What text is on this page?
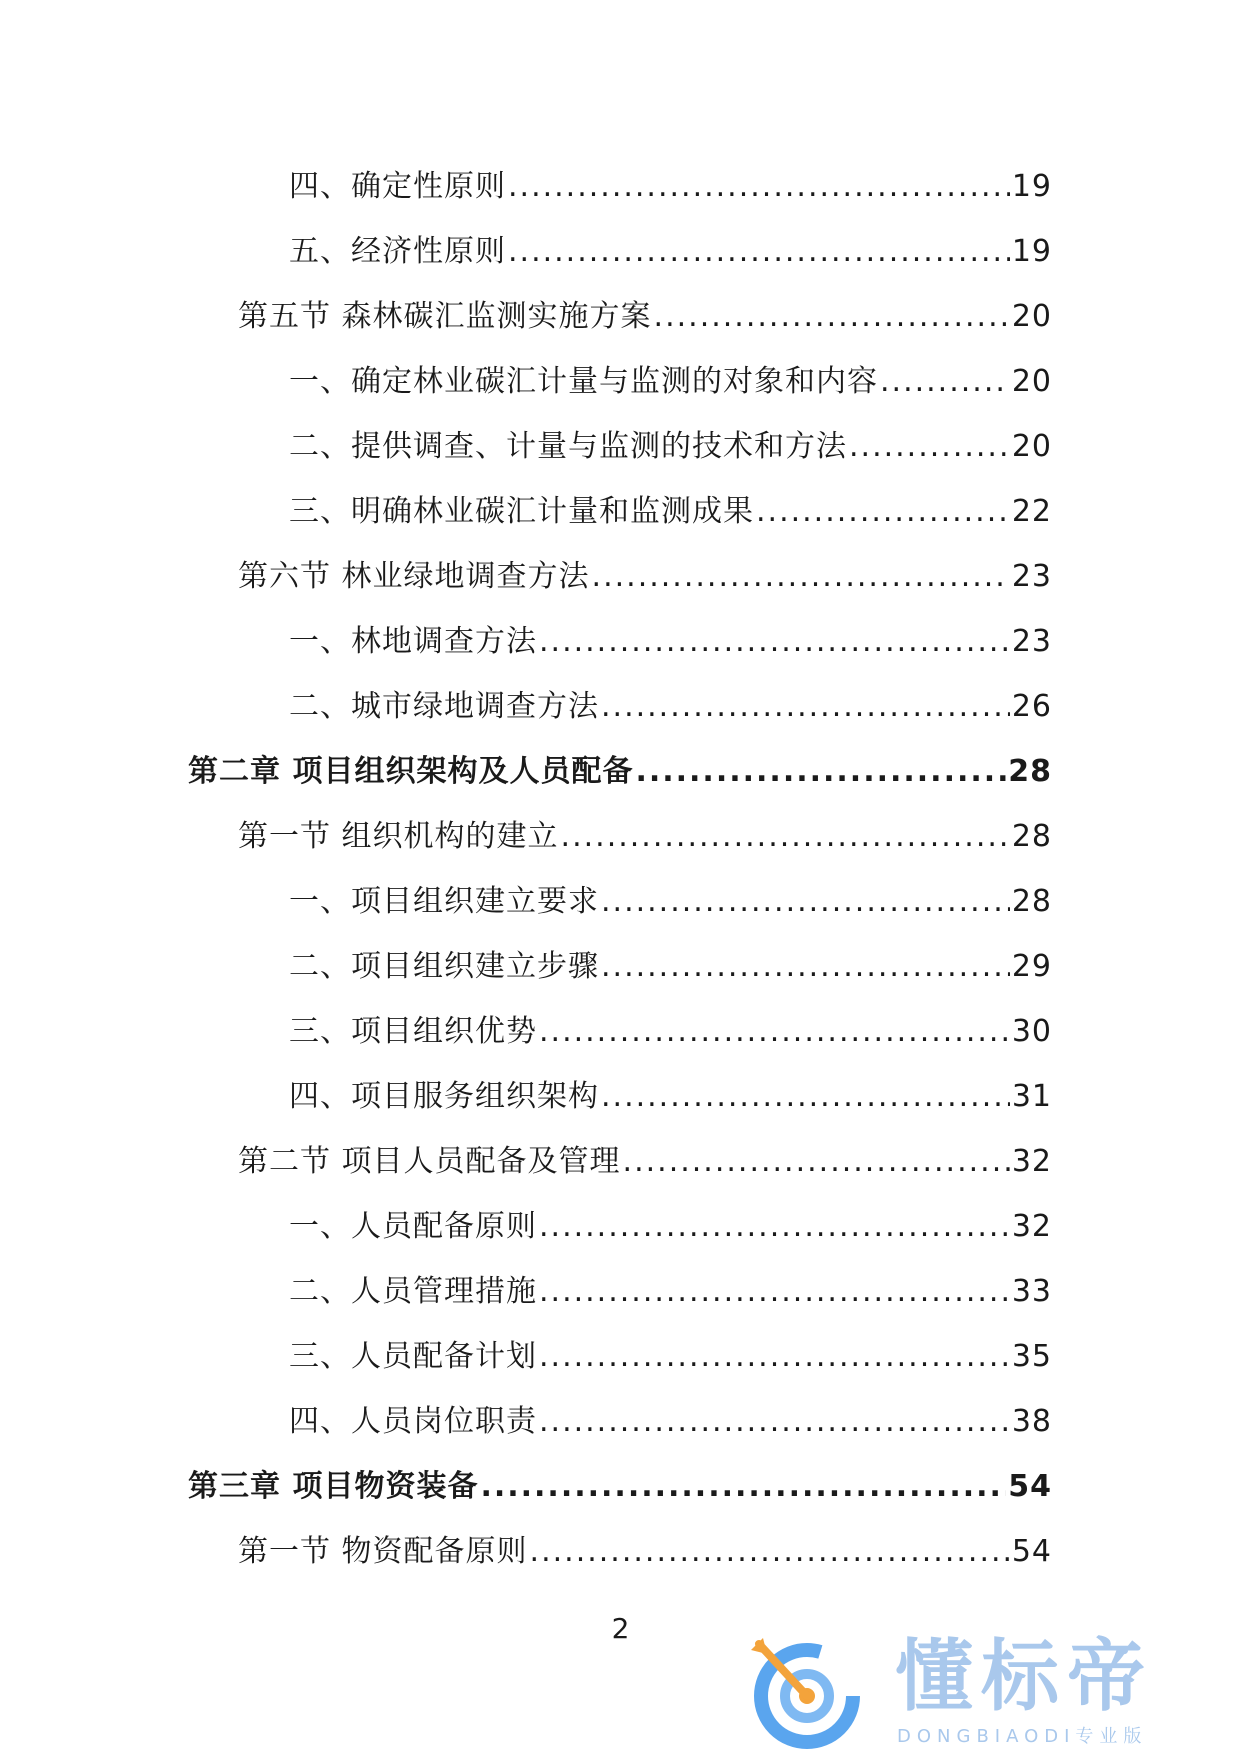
四、确定性原则 .....	19
五、经济性原则 .....	19
第五节 森林碳汇监测实施方案 .....	20
一、确定林业碳汇计量与监测的对象和内容 .....	20
二、提供调查、计量与监测的技术和方法 .....	20
三、明确林业碳汇计量和监测成果 .....	22
第六节 林业绿地调查方法 .....	23
一、林地调查方法 .....	23
二、城市绿地调查方法 .....	26
第二章 项目组织架构及人员配备 .....	28
第一节 组织机构的建立 .....	28
一、项目组织建立要求 .....	28
二、项目组织建立步骤 .....	29
三、项目组织优势 .....	30
四、项目服务组织架构 .....	31
第二节 项目人员配备及管理 .....	32
一、人员配备原则 .....	32
二、人员管理措施 .....	33
三、人员配备计划 .....	35
四、人员岗位职责 .....	38
第三章 项目物资装备 .....	54
第一节 物资配备原则 .....	54
2
懂标帝
DONGBIAODI专业版
